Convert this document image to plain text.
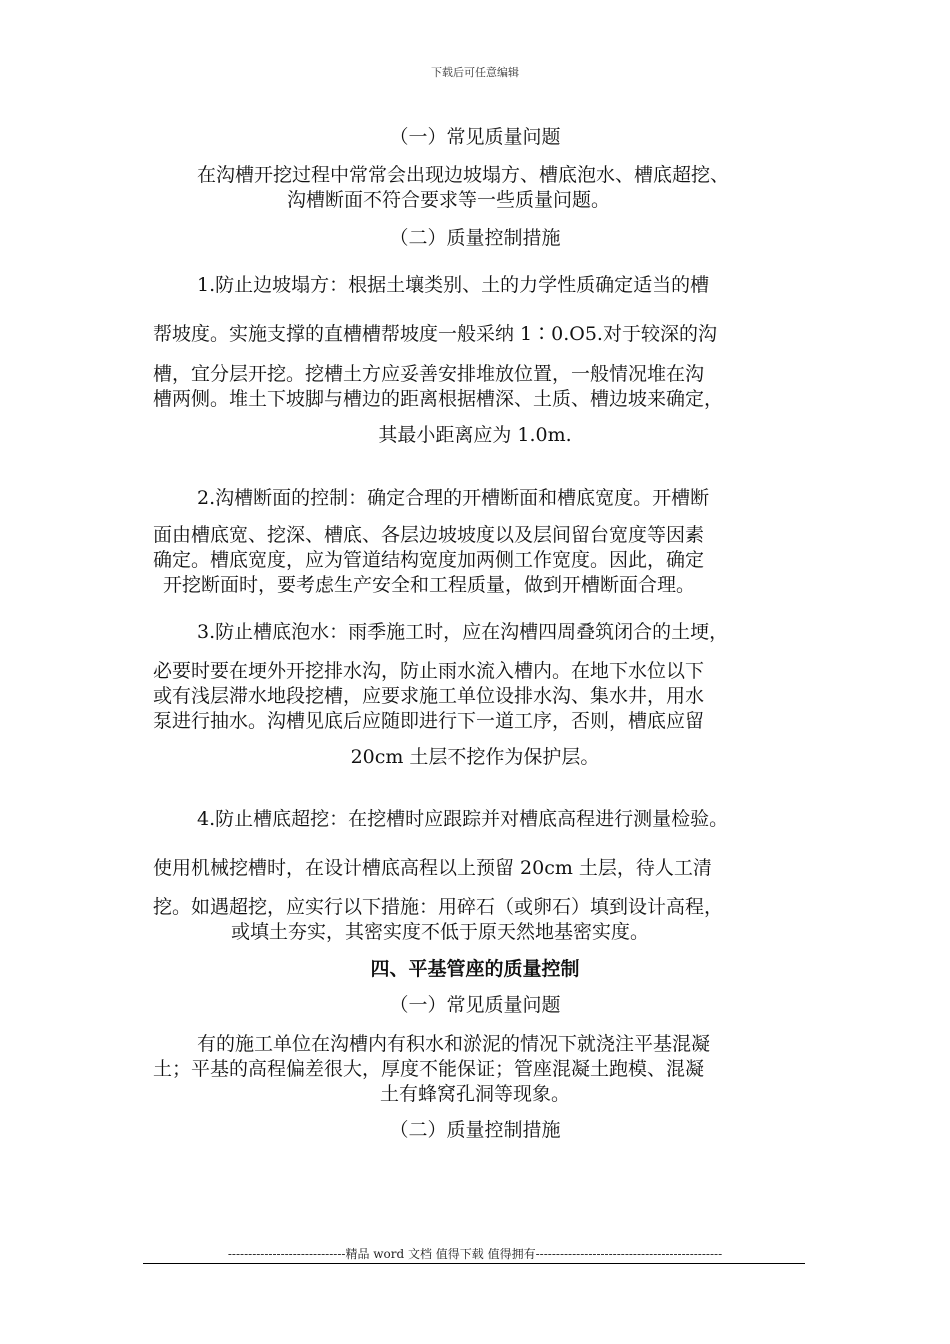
下载后可任意编辑
（一）常见质量问题
在沟槽开挖过程中常常会出现边坡塌方、槽底泡水、槽底超挖、
沟槽断面不符合要求等一些质量问题。
（二）质量控制措施
1.防止边坡塌方：根据土壤类别、土的力学性质确定适当的槽
帮坡度。实施支撑的直槽槽帮坡度一般采纳 1∶0.O5.对于较深的沟
槽，宜分层开挖。挖槽土方应妥善安排堆放位置，一般情况堆在沟
槽两侧。堆土下坡脚与槽边的距离根据槽深、土质、槽边坡来确定，
其最小距离应为 1.0m.
2.沟槽断面的控制：确定合理的开槽断面和槽底宽度。开槽断
面由槽底宽、挖深、槽底、各层边坡坡度以及层间留台宽度等因素
确定。槽底宽度，应为管道结构宽度加两侧工作宽度。因此，确定
开挖断面时，要考虑生产安全和工程质量，做到开槽断面合理。
3.防止槽底泡水：雨季施工时，应在沟槽四周叠筑闭合的土埂，
必要时要在埂外开挖排水沟，防止雨水流入槽内。在地下水位以下
或有浅层滞水地段挖槽，应要求施工单位设排水沟、集水井，用水
泵进行抽水。沟槽见底后应随即进行下一道工序，否则，槽底应留
20cm 土层不挖作为保护层。
4.防止槽底超挖：在挖槽时应跟踪并对槽底高程进行测量检验。
使用机械挖槽时，在设计槽底高程以上预留 20cm 土层，待人工清
挖。如遇超挖，应实行以下措施：用碎石（或卵石）填到设计高程，
或填土夯实，其密实度不低于原天然地基密实度。
四、平基管座的质量控制
（一）常见质量问题
有的施工单位在沟槽内有积水和淤泥的情况下就浇注平基混凝
土；平基的高程偏差很大，厚度不能保证；管座混凝土跑模、混凝
土有蜂窝孔洞等现象。
（二）质量控制措施
-----------------------------精品 word 文档 值得下载 值得拥有----------------------------------------------
